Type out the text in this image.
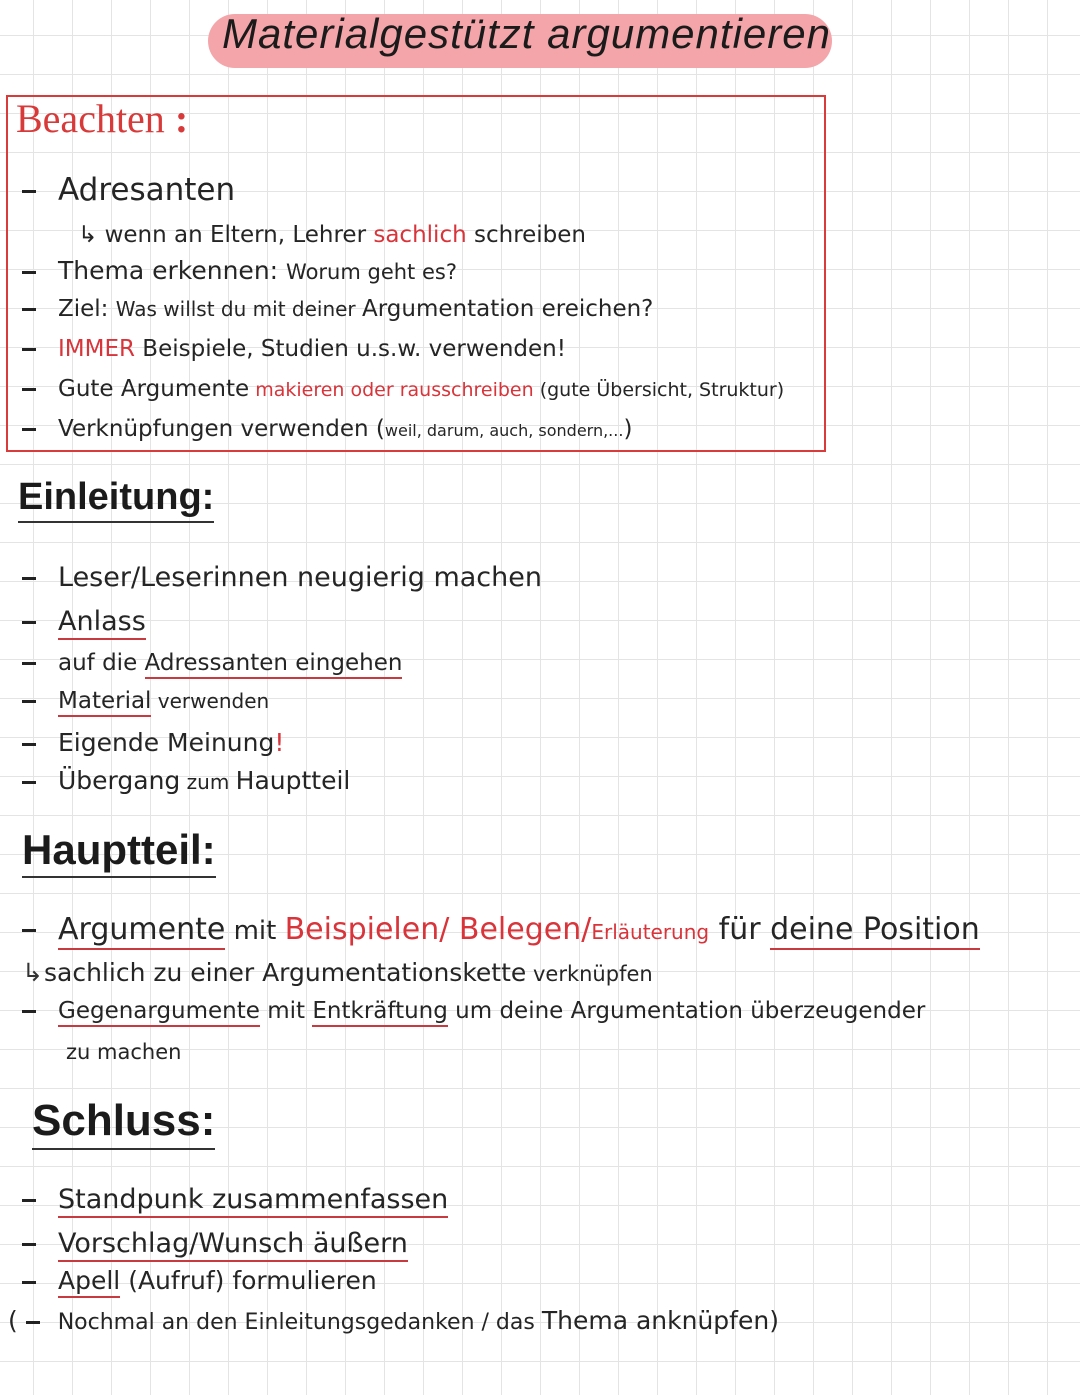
Materialgestützt argumentieren
Beachten :
Adresanten
↳ wenn an Eltern, Lehrer sachlich schreiben
Thema erkennen: Worum geht es?
Ziel: Was willst du mit deiner Argumentation ereichen?
IMMER Beispiele, Studien u.s.w. verwenden!
Gute Argumente makieren oder rausschreiben (gute Übersicht, Struktur)
Verknüpfungen verwenden (weil, darum, auch, sondern,...)
Einleitung:
Leser/Leserinnen neugierig machen
Anlass
auf die Adressanten eingehen
Material verwenden
Eigende Meinung!
Übergang zum Hauptteil
Hauptteil:
Argumente mit Beispielen/ Belegen/Erläuterung für deine Position
↳sachlich zu einer Argumentationskette verknüpfen
Gegenargumente mit Entkräftung um deine Argumentation überzeugender
zu machen
Schluss:
Standpunk zusammenfassen
Vorschlag/Wunsch äußern
Apell (Aufruf) formulieren
( Nochmal an den Einleitungsgedanken / das Thema anknüpfen)
